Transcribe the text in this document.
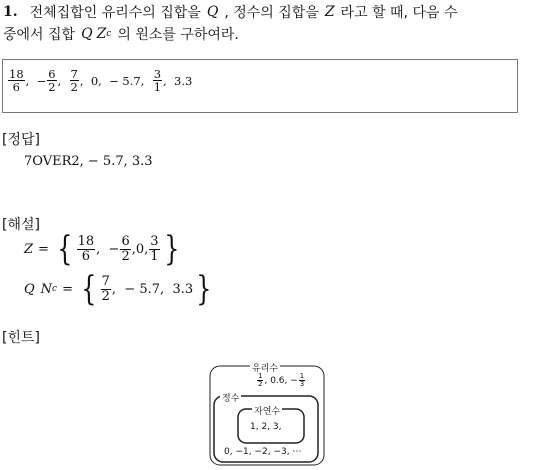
1. 전체집합인 유리수의 집합을 Q , 정수의 집합을 Z 라고 할 때, 다음 수
중에서 집합 Q Z c 의 원소를 구하여라.
$\frac{18}{6}$ , − $\frac{6}{2}$ , $\frac{7}{2}$ , 0 , − 5.7 , $\frac{3}{1}$ , 3.3
[정답]
7OVER2, − 5.7, 3.3
[해설]
Z = { $\frac{18}{6}$ , − $\frac{6}{2}$ , 0 , $\frac{3}{1}$ }
Q N c = { $\frac{7}{2}$ , − 5.7 , 3.3 }
[힌트]
유리수
$\frac{1}{2}$ , 0.6, − $\frac{1}{3}$
정수
자연수
1, 2, 3,
0, −1, −2, −3, ⋯
